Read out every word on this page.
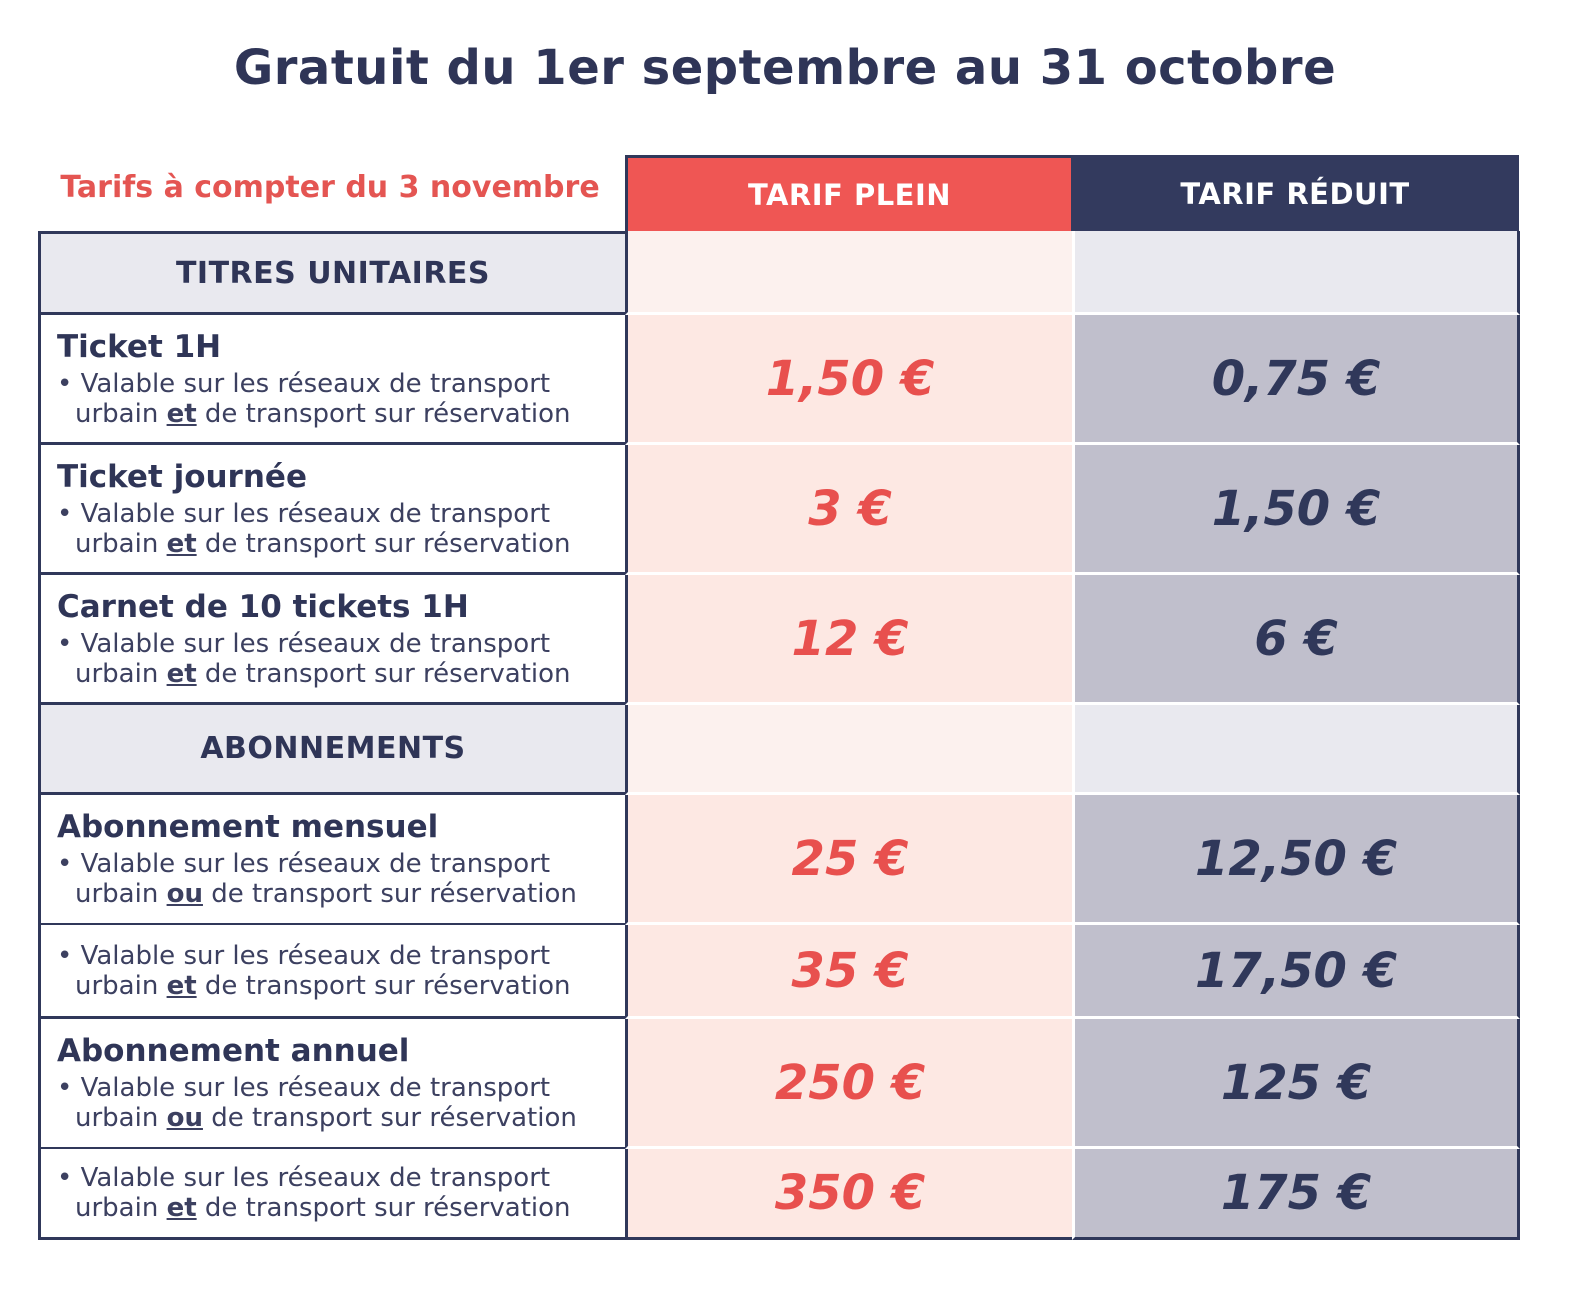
Gratuit du 1er septembre au 31 octobre
Tarifs à compter du 3 novembre	TARIF PLEIN	TARIF RÉDUIT
TITRES UNITAIRES
Ticket 1H
• Valable sur les réseaux de transport
urbain et de transport sur réservation
1,50 €	0,75 €
Ticket journée
• Valable sur les réseaux de transport
urbain et de transport sur réservation
3 €	1,50 €
Carnet de 10 tickets 1H
• Valable sur les réseaux de transport
urbain et de transport sur réservation
12 €	6 €
ABONNEMENTS
Abonnement mensuel
• Valable sur les réseaux de transport
urbain ou de transport sur réservation
25 €	12,50 €
• Valable sur les réseaux de transport
urbain et de transport sur réservation	35 €	17,50 €
Abonnement annuel
• Valable sur les réseaux de transport
urbain ou de transport sur réservation
250 €	125 €
• Valable sur les réseaux de transport
urbain et de transport sur réservation	350 €	175 €
